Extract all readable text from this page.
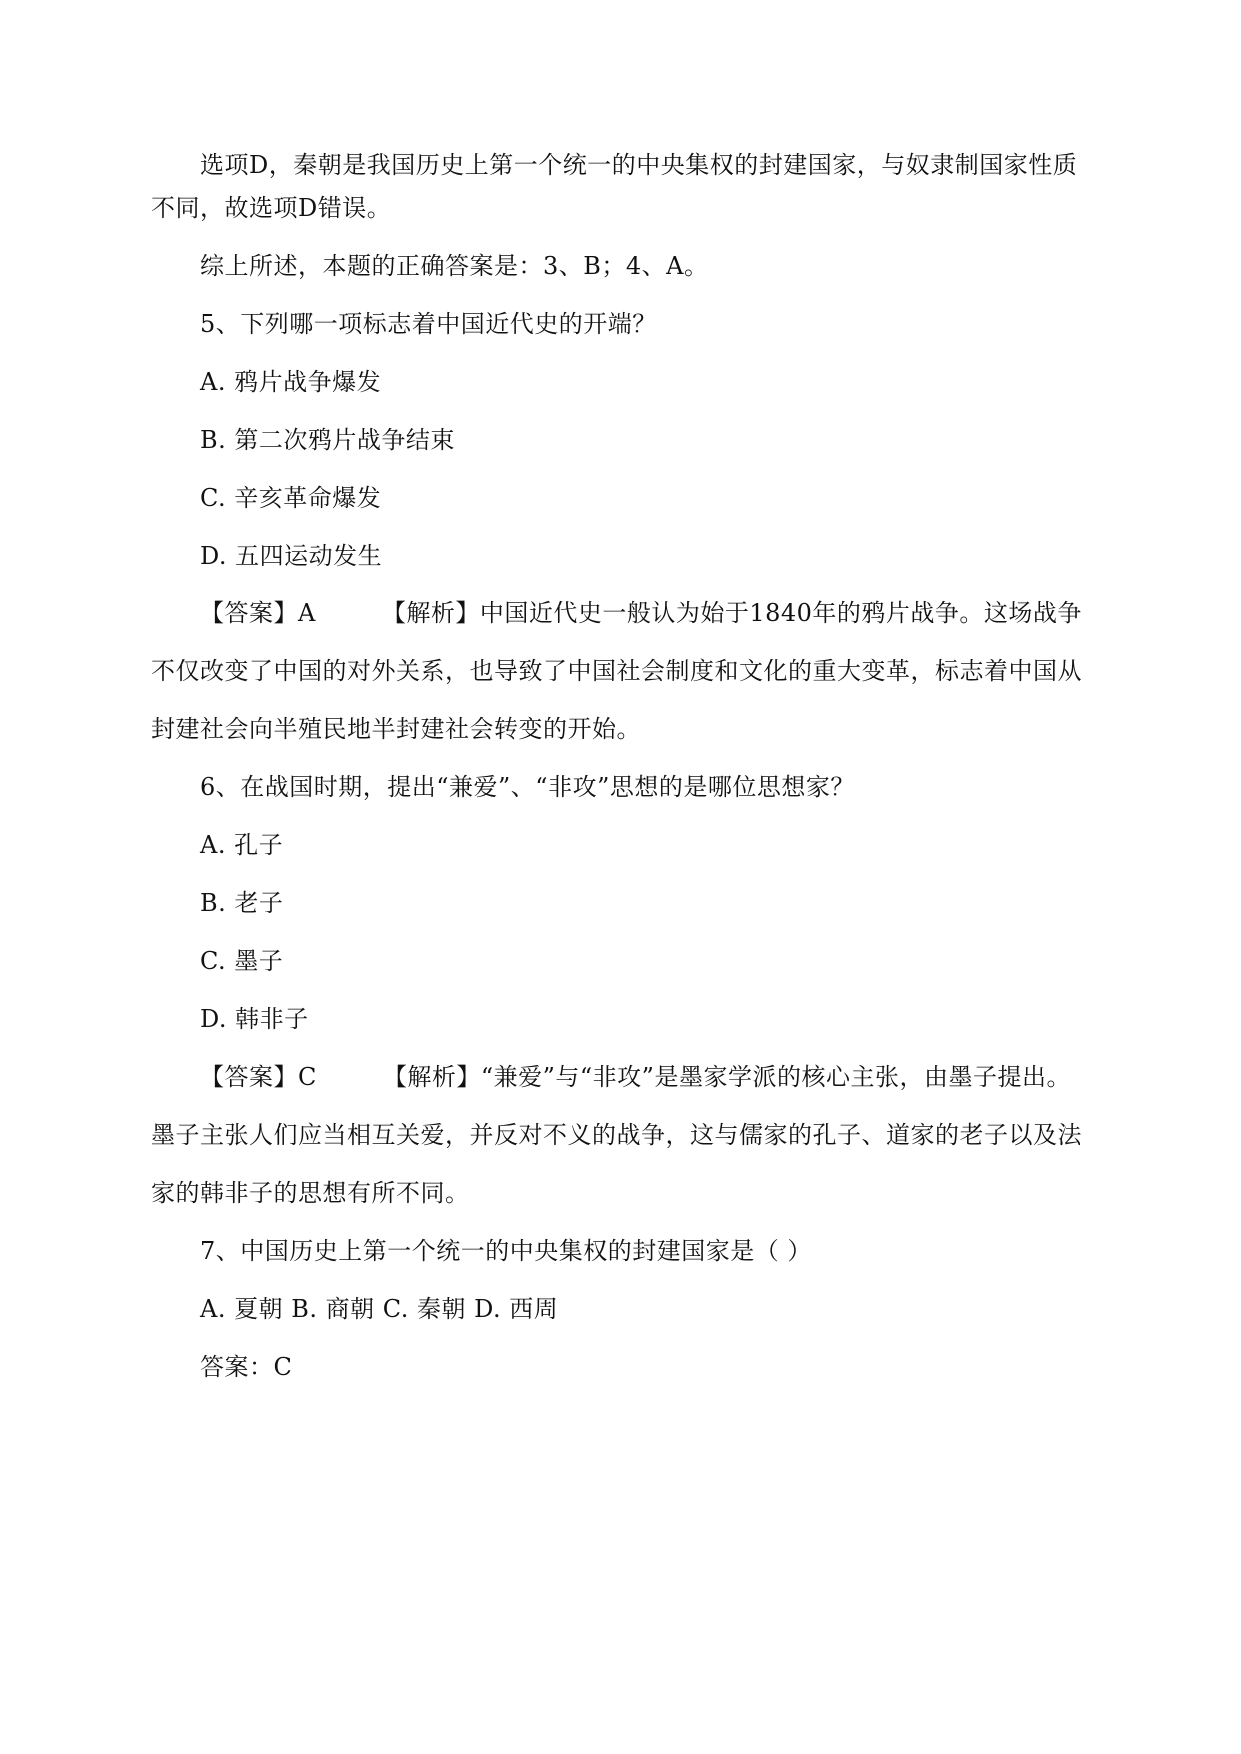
选项D，秦朝是我国历史上第一个统一的中央集权的封建国家，与奴隶制国家性质
不同，故选项D错误。
综上所述，本题的正确答案是：3、B；4、A。
5、下列哪一项标志着中国近代史的开端？
A. 鸦片战争爆发
B. 第二次鸦片战争结束
C. 辛亥革命爆发
D. 五四运动发生
【答案】A	【解析】中国近代史一般认为始于1840年的鸦片战争。这场战争
不仅改变了中国的对外关系，也导致了中国社会制度和文化的重大变革，标志着中国从
封建社会向半殖民地半封建社会转变的开始。
6、在战国时期，提出“兼爱”、“非攻”思想的是哪位思想家？
A. 孔子
B. 老子
C. 墨子
D. 韩非子
【答案】C	【解析】“兼爱”与“非攻”是墨家学派的核心主张，由墨子提出。
墨子主张人们应当相互关爱，并反对不义的战争，这与儒家的孔子、道家的老子以及法
家的韩非子的思想有所不同。
7、中国历史上第一个统一的中央集权的封建国家是（ ）
A. 夏朝 B. 商朝 C. 秦朝 D. 西周
答案：C
